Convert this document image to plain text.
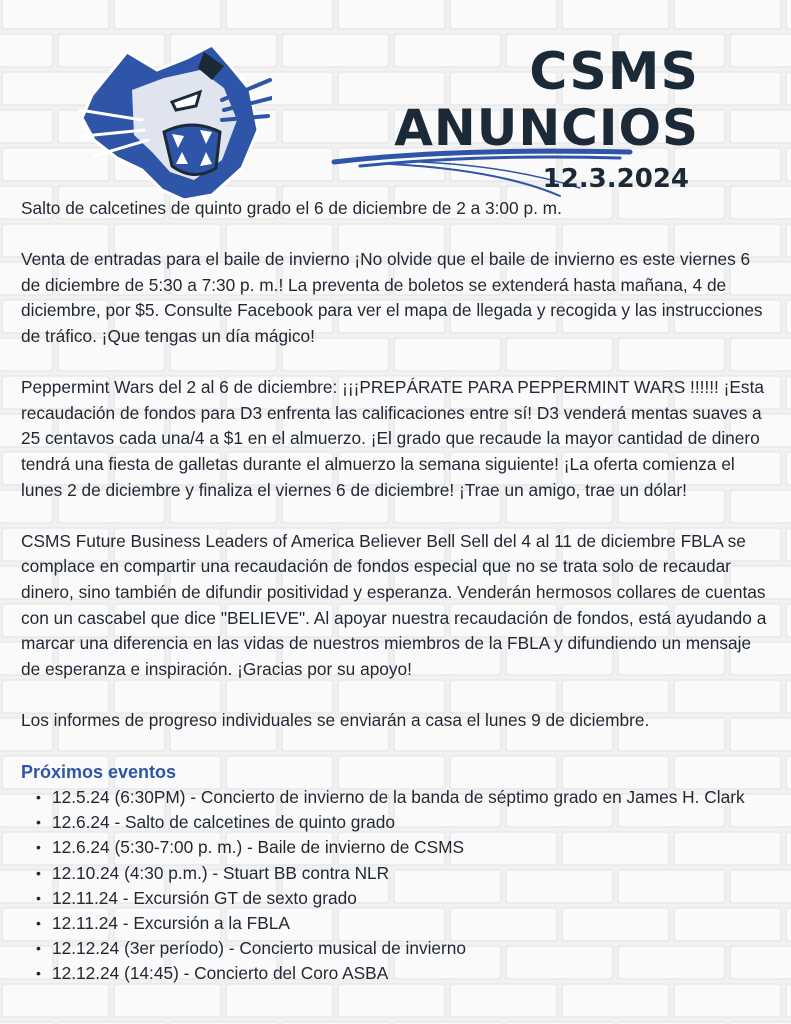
CSMS
ANUNCIOS
12.3.2024

Salto de calcetines de quinto grado el 6 de diciembre de 2 a 3:00 p. m.

Venta de entradas para el baile de invierno ¡No olvide que el baile de invierno es este viernes 6 de diciembre de 5:30 a 7:30 p. m.! La preventa de boletos se extenderá hasta mañana, 4 de diciembre, por $5. Consulte Facebook para ver el mapa de llegada y recogida y las instrucciones de tráfico. ¡Que tengas un día mágico!

Peppermint Wars del 2 al 6 de diciembre: ¡¡¡PREPÁRATE PARA PEPPERMINT WARS !!!!!! ¡Esta recaudación de fondos para D3 enfrenta las calificaciones entre sí! D3 venderá mentas suaves a 25 centavos cada una/4 a $1 en el almuerzo. ¡El grado que recaude la mayor cantidad de dinero tendrá una fiesta de galletas durante el almuerzo la semana siguiente! ¡La oferta comienza el lunes 2 de diciembre y finaliza el viernes 6 de diciembre! ¡Trae un amigo, trae un dólar!

CSMS Future Business Leaders of America Believer Bell Sell del 4 al 11 de diciembre FBLA se complace en compartir una recaudación de fondos especial que no se trata solo de recaudar dinero, sino también de difundir positividad y esperanza. Venderán hermosos collares de cuentas con un cascabel que dice "BELIEVE". Al apoyar nuestra recaudación de fondos, está ayudando a marcar una diferencia en las vidas de nuestros miembros de la FBLA y difundiendo un mensaje de esperanza e inspiración. ¡Gracias por su apoyo!

Los informes de progreso individuales se enviarán a casa el lunes 9 de diciembre.

Próximos eventos
• 12.5.24 (6:30PM) - Concierto de invierno de la banda de séptimo grado en James H. Clark
• 12.6.24 - Salto de calcetines de quinto grado
• 12.6.24 (5:30-7:00 p. m.) - Baile de invierno de CSMS
• 12.10.24 (4:30 p.m.) - Stuart BB contra NLR
• 12.11.24 - Excursión GT de sexto grado
• 12.11.24 - Excursión a la FBLA
• 12.12.24 (3er período) - Concierto musical de invierno
• 12.12.24 (14:45) - Concierto del Coro ASBA
